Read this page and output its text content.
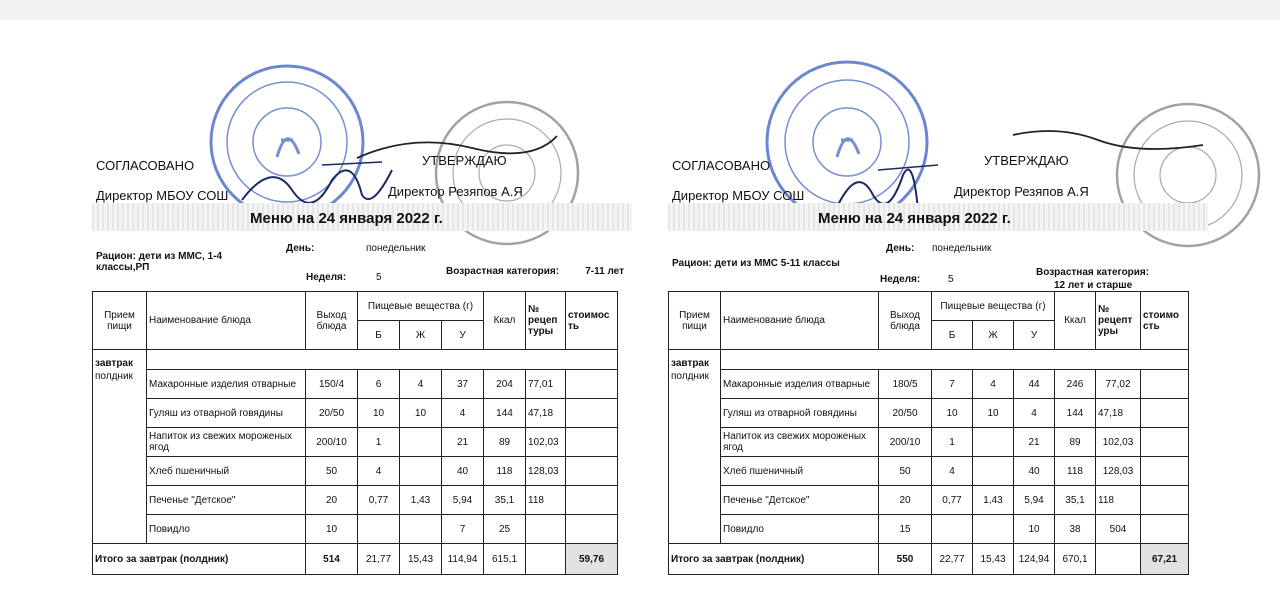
СОГЛАСОВАНО	УТВЕРЖДАЮ
Директор МБОУ СОШ	Директор Резяпов А.Я
Меню на 24 января 2022 г.
Рацион: дети из МMC, 1-4 классы,РП
День:	понедельник
Неделя:	5
Возрастная категория:	7-11 лет
Прием пищи	Наименование блюда	Выход блюда	Пищевые вещества (г)			Ккал	№ рецеп туры	стоимос ть
			Б	Ж	У			
завтрак								
полдник	Макаронные изделия отварные	150/4	6	4	37	204	77,01	
	Гуляш из отварной говядины	20/50	10	10	4	144	47,18	
	Напиток из свежих мороженых ягод	200/10	1		21	89	102,03	
	Хлеб пшеничный	50	4		40	118	128,03	
	Печенье "Детское"	20	0,77	1,43	5,94	35,1	118	
	Повидло	10			7	25		
Итого за завтрак (полдник)		514	21,77	15,43	114,94	615,1		59,76
СОГЛАСОВАНО	УТВЕРЖДАЮ
Директор МБОУ СОШ	Директор Резяпов А.Я
Меню на 24 января 2022 г.
Рацион: дети из МMC 5-11 классы
День: понедельник
Неделя:	5
Возрастная категория:
12 лет и старше
Прием пищи	Наименование блюда	Выход блюда	Пищевые вещества (г)			Ккал	№ рецепт уры	стоимо сть
			Б	Ж	У			
завтрак								
полдник	Макаронные изделия отварные	180/5	7	4	44	246	77,02	
	Гуляш из отварной говядины	20/50	10	10	4	144	47,18	
	Напиток из свежих мороженых ягод	200/10	1		21	89	102,03	
	Хлеб пшеничный	50	4		40	118	128,03	
	Печенье "Детское"	20	0,77	1,43	5,94	35,1	118	
	Повидло	15			10	38	504	
Итого за завтрак (полдник)		550	22,77	15,43	124,94	670,1		67,21
